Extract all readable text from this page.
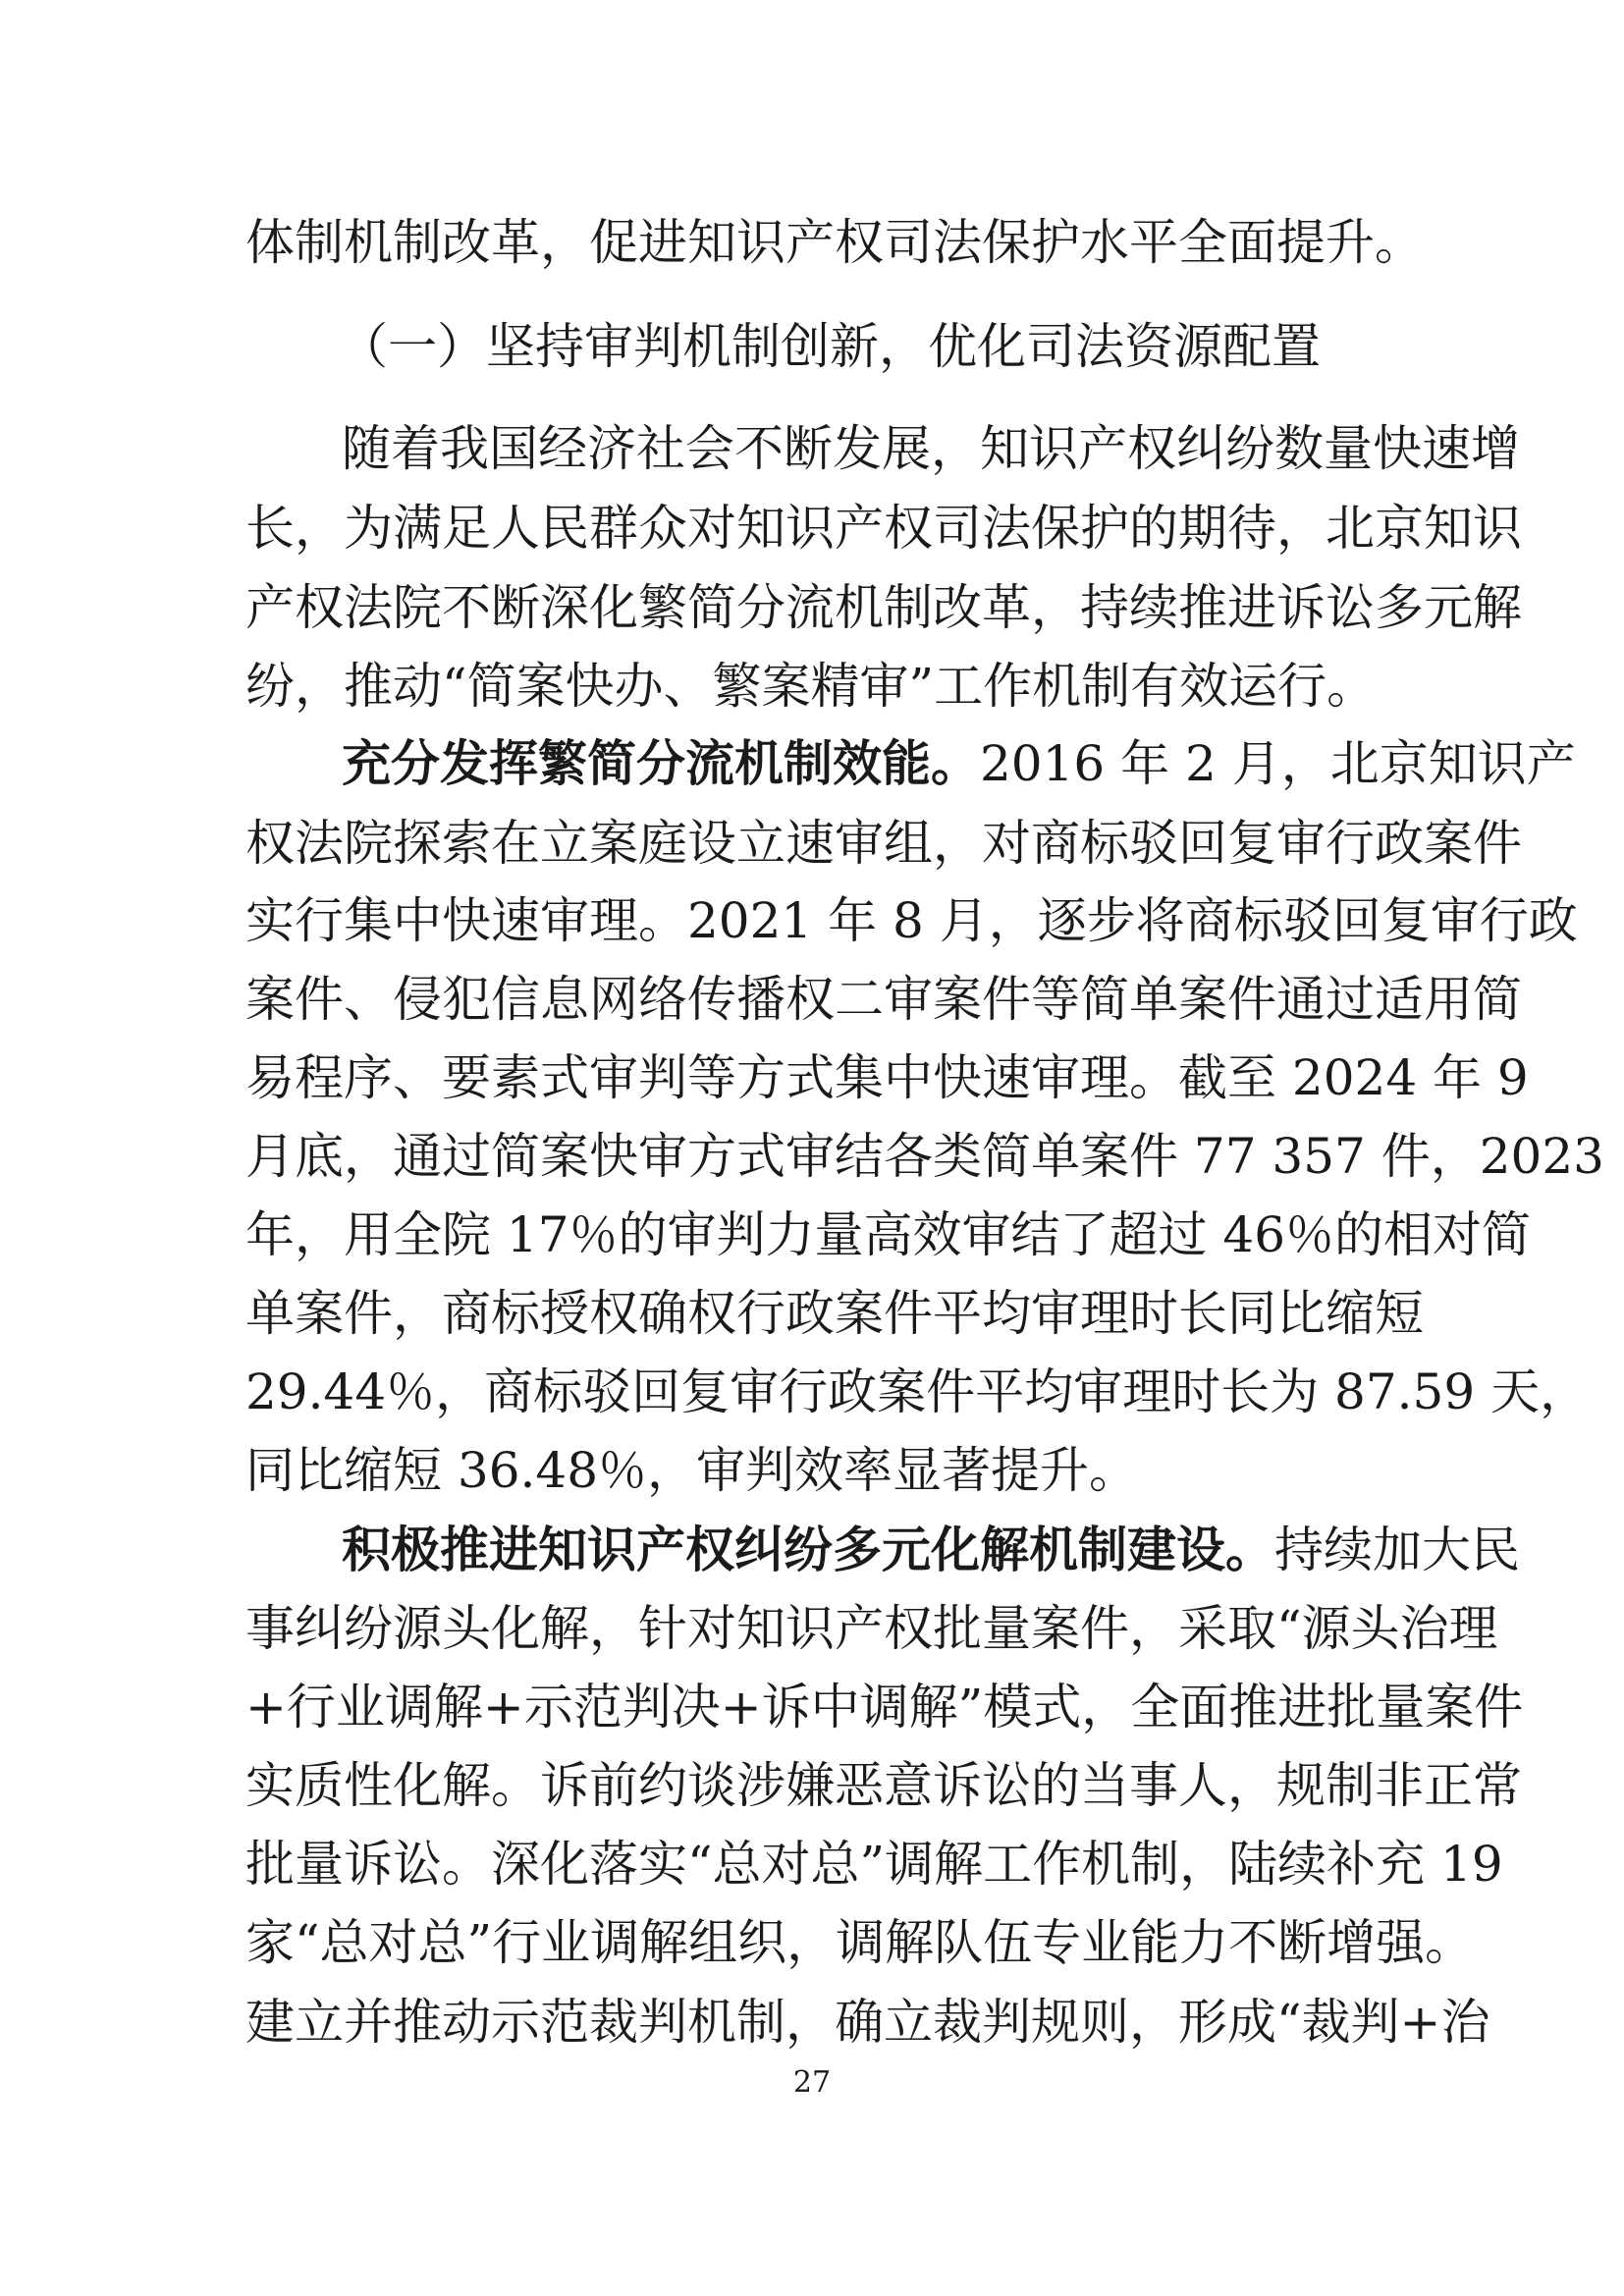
体制机制改革，促进知识产权司法保护水平全面提升。
（一）坚持审判机制创新，优化司法资源配置
随着我国经济社会不断发展，知识产权纠纷数量快速增
长，为满足人民群众对知识产权司法保护的期待，北京知识
产权法院不断深化繁简分流机制改革，持续推进诉讼多元解
纷，推动“简案快办、繁案精审”工作机制有效运行。
充分发挥繁简分流机制效能。2016 年 2 月，北京知识产
权法院探索在立案庭设立速审组，对商标驳回复审行政案件
实行集中快速审理。2021 年 8 月，逐步将商标驳回复审行政
案件、侵犯信息网络传播权二审案件等简单案件通过适用简
易程序、要素式审判等方式集中快速审理。截至 2024 年 9
月底，通过简案快审方式审结各类简单案件 77 357 件，2023
年，用全院 17％的审判力量高效审结了超过 46％的相对简
单案件，商标授权确权行政案件平均审理时长同比缩短
29.44％，商标驳回复审行政案件平均审理时长为 87.59 天，
同比缩短 36.48％，审判效率显著提升。
积极推进知识产权纠纷多元化解机制建设。持续加大民
事纠纷源头化解，针对知识产权批量案件，采取“源头治理
+行业调解+示范判决+诉中调解”模式，全面推进批量案件
实质性化解。诉前约谈涉嫌恶意诉讼的当事人，规制非正常
批量诉讼。深化落实“总对总”调解工作机制，陆续补充 19
家“总对总”行业调解组织，调解队伍专业能力不断增强。
建立并推动示范裁判机制，确立裁判规则，形成“裁判+治
27
